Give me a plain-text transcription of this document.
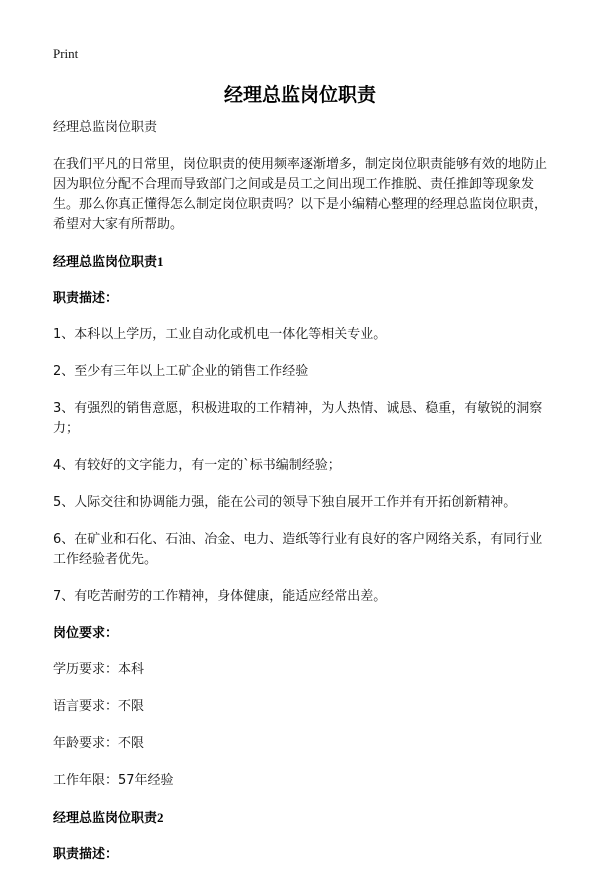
Print
经理总监岗位职责

经理总监岗位职责

在我们平凡的日常里，岗位职责的使用频率逐渐增多，制定岗位职责能够有效的地防止因为职位分配不合理而导致部门之间或是员工之间出现工作推脱、责任推卸等现象发生。那么你真正懂得怎么制定岗位职责吗？以下是小编精心整理的经理总监岗位职责，希望对大家有所帮助。

经理总监岗位职责1

职责描述：

1、本科以上学历，工业自动化或机电一体化等相关专业。

2、至少有三年以上工矿企业的销售工作经验

3、有强烈的销售意愿，积极进取的工作精神，为人热情、诚恳、稳重，有敏锐的洞察力；

4、有较好的文字能力，有一定的`标书编制经验；

5、人际交往和协调能力强，能在公司的领导下独自展开工作并有开拓创新精神。

6、在矿业和石化、石油、冶金、电力、造纸等行业有良好的客户网络关系，有同行业工作经验者优先。

7、有吃苦耐劳的工作精神，身体健康，能适应经常出差。

岗位要求：

学历要求：本科

语言要求：不限

年龄要求：不限

工作年限：57年经验

经理总监岗位职责2

职责描述：
